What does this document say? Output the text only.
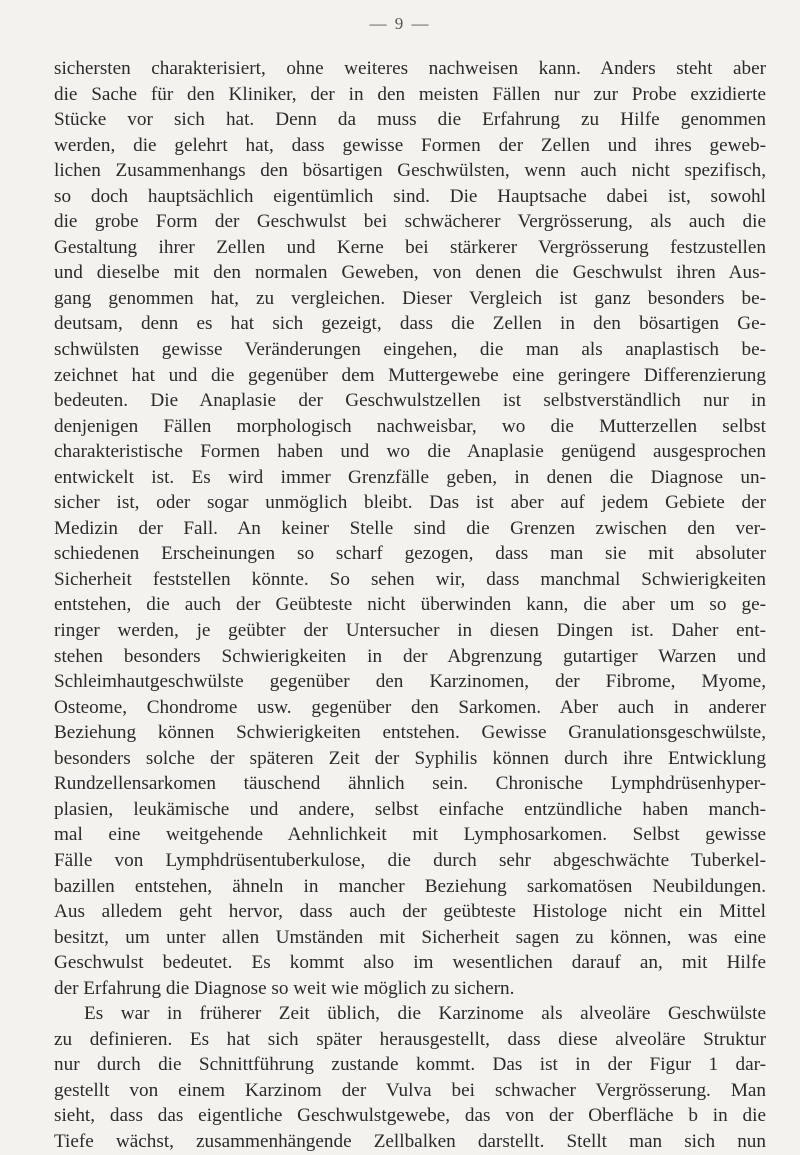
— 9 —
sichersten charakterisiert, ohne weiteres nachweisen kann. Anders steht aber
die Sache für den Kliniker, der in den meisten Fällen nur zur Probe exzidierte
Stücke vor sich hat. Denn da muss die Erfahrung zu Hilfe genommen
werden, die gelehrt hat, dass gewisse Formen der Zellen und ihres geweb-
lichen Zusammenhangs den bösartigen Geschwülsten, wenn auch nicht spezifisch,
so doch hauptsächlich eigentümlich sind. Die Hauptsache dabei ist, sowohl
die grobe Form der Geschwulst bei schwächerer Vergrösserung, als auch die
Gestaltung ihrer Zellen und Kerne bei stärkerer Vergrösserung festzustellen
und dieselbe mit den normalen Geweben, von denen die Geschwulst ihren Aus-
gang genommen hat, zu vergleichen. Dieser Vergleich ist ganz besonders be-
deutsam, denn es hat sich gezeigt, dass die Zellen in den bösartigen Ge-
schwülsten gewisse Veränderungen eingehen, die man als anaplastisch be-
zeichnet hat und die gegenüber dem Muttergewebe eine geringere Differenzierung
bedeuten. Die Anaplasie der Geschwulstzellen ist selbstverständlich nur in
denjenigen Fällen morphologisch nachweisbar, wo die Mutterzellen selbst
charakteristische Formen haben und wo die Anaplasie genügend ausgesprochen
entwickelt ist. Es wird immer Grenzfälle geben, in denen die Diagnose un-
sicher ist, oder sogar unmöglich bleibt. Das ist aber auf jedem Gebiete der
Medizin der Fall. An keiner Stelle sind die Grenzen zwischen den ver-
schiedenen Erscheinungen so scharf gezogen, dass man sie mit absoluter
Sicherheit feststellen könnte. So sehen wir, dass manchmal Schwierigkeiten
entstehen, die auch der Geübteste nicht überwinden kann, die aber um so ge-
ringer werden, je geübter der Untersucher in diesen Dingen ist. Daher ent-
stehen besonders Schwierigkeiten in der Abgrenzung gutartiger Warzen und
Schleimhautgeschwülste gegenüber den Karzinomen, der Fibrome, Myome,
Osteome, Chondrome usw. gegenüber den Sarkomen. Aber auch in anderer
Beziehung können Schwierigkeiten entstehen. Gewisse Granulationsgeschwülste,
besonders solche der späteren Zeit der Syphilis können durch ihre Entwicklung
Rundzellensarkomen täuschend ähnlich sein. Chronische Lymphdrüsenhyper-
plasien, leukämische und andere, selbst einfache entzündliche haben manch-
mal eine weitgehende Aehnlichkeit mit Lymphosarkomen. Selbst gewisse
Fälle von Lymphdrüsentuberkulose, die durch sehr abgeschwächte Tuberkel-
bazillen entstehen, ähneln in mancher Beziehung sarkomatösen Neubildungen.
Aus alledem geht hervor, dass auch der geübteste Histologe nicht ein Mittel
besitzt, um unter allen Umständen mit Sicherheit sagen zu können, was eine
Geschwulst bedeutet. Es kommt also im wesentlichen darauf an, mit Hilfe
der Erfahrung die Diagnose so weit wie möglich zu sichern.
Es war in früherer Zeit üblich, die Karzinome als alveoläre Geschwülste
zu definieren. Es hat sich später herausgestellt, dass diese alveoläre Struktur
nur durch die Schnittführung zustande kommt. Das ist in der Figur 1 dar-
gestellt von einem Karzinom der Vulva bei schwacher Vergrösserung. Man
sieht, dass das eigentliche Geschwulstgewebe, das von der Oberfläche b in die
Tiefe wächst, zusammenhängende Zellbalken darstellt. Stellt man sich nun
